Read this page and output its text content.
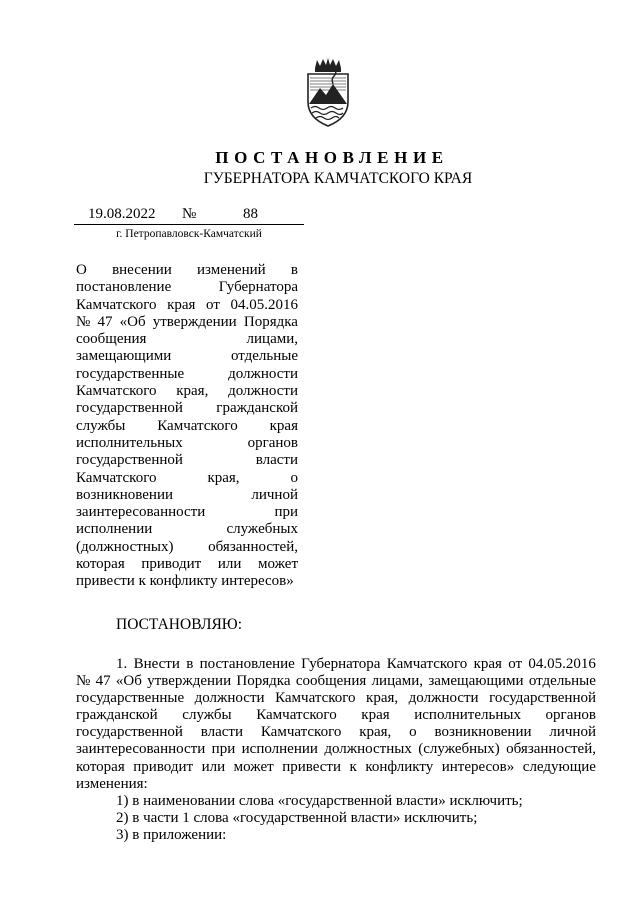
ПОСТАНОВЛЕНИЕ
ГУБЕРНАТОРА КАМЧАТСКОГО КРАЯ
19.08.2022 №	88
г. Петропавловск-Камчатский
О внесении изменений в
постановление	Губернатора
Камчатского края от 04.05.2016
№ 47 «Об утверждении Порядка
сообщения	лицами,
замещающими	отдельные
государственные	должности
Камчатского края, должности
государственной гражданской
службы Камчатского края
исполнительных	органов
государственной	власти
Камчатского	края,	о
возникновении	личной
заинтересованности	при
исполнении	служебных
(должностных) обязанностей,
которая приводит или может
привести к конфликту интересов»
ПОСТАНОВЛЯЮ:
1. Внести в постановление Губернатора Камчатского края от 04.05.2016
№ 47 «Об утверждении Порядка сообщения лицами, замещающими отдельные
государственные должности Камчатского края, должности государственной
гражданской службы Камчатского края исполнительных органов
государственной власти Камчатского края, о возникновении личной
заинтересованности при исполнении должностных (служебных) обязанностей,
которая приводит или может привести к конфликту интересов» следующие
изменения:
1) в наименовании слова «государственной власти» исключить;
2) в части 1 слова «государственной власти» исключить;
3) в приложении:
